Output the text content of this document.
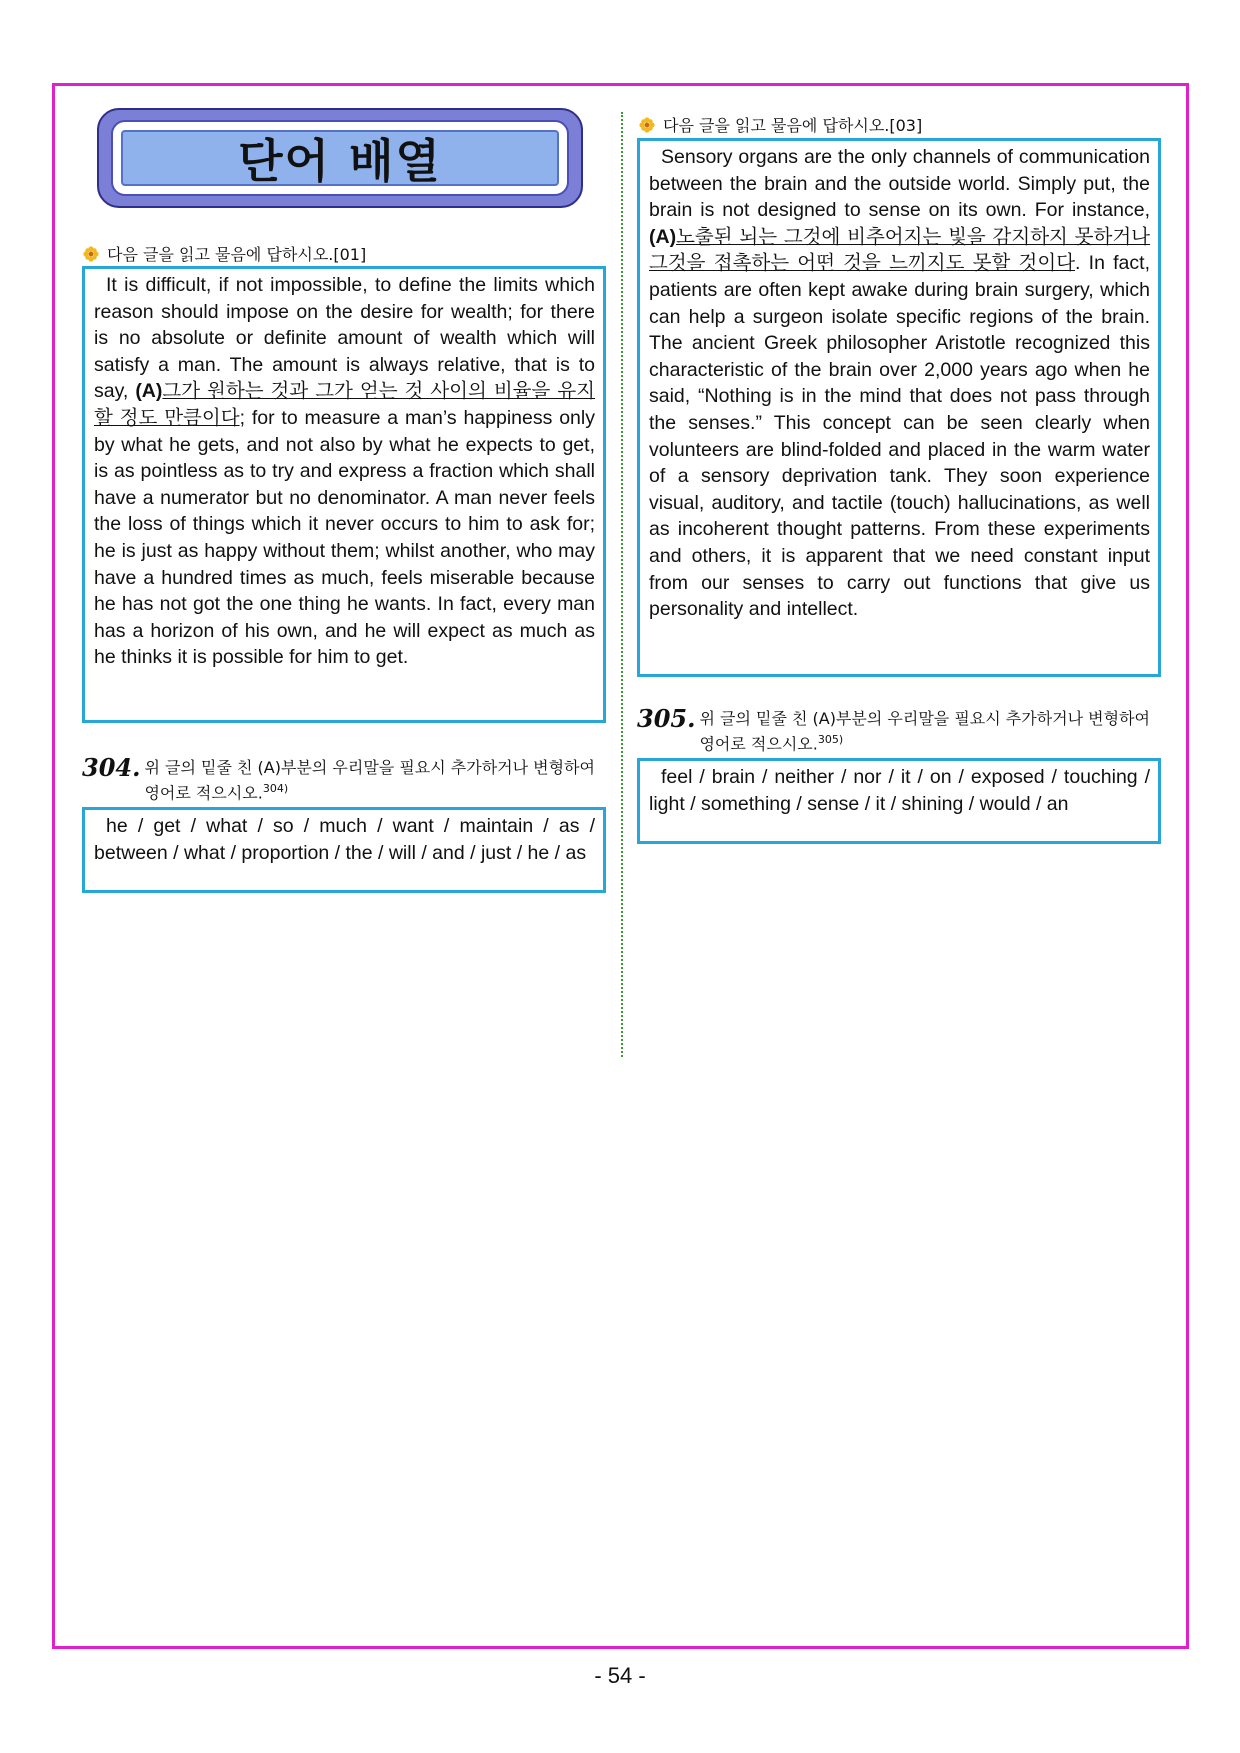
단어 배열
다음 글을 읽고 물음에 답하시오.[01]

It is difficult, if not impossible, to define the limits which reason should impose on the desire for wealth; for there is no absolute or definite amount of wealth which will satisfy a man. The amount is always relative, that is to say, (A)그가 원하는 것과 그가 얻는 것 사이의 비율을 유지할 정도 만큼이다; for to measure a man’s happiness only by what he gets, and not also by what he expects to get, is as pointless as to try and express a fraction which shall have a numerator but no denominator. A man never feels the loss of things which it never occurs to him to ask for; he is just as happy without them; whilst another, who may have a hundred times as much, feels miserable because he has not got the one thing he wants. In fact, every man has a horizon of his own, and he will expect as much as he thinks it is possible for him to get.

304. 위 글의 밑줄 친 (A)부분의 우리말을 필요시 추가하거나 변형하여 영어로 적으시오.$^{304)}$

he / get / what / so / much / want / maintain / as / between / what / proportion / the / will / and / just / he / as

다음 글을 읽고 물음에 답하시오.[03]

Sensory organs are the only channels of communication between the brain and the outside world. Simply put, the brain is not designed to sense on its own. For instance, (A)노출된 뇌는 그것에 비추어지는 빛을 감지하지 못하거나 그것을 접촉하는 어떤 것을 느끼지도 못할 것이다. In fact, patients are often kept awake during brain surgery, which can help a surgeon isolate specific regions of the brain. The ancient Greek philosopher Aristotle recognized this characteristic of the brain over 2,000 years ago when he said, “Nothing is in the mind that does not pass through the senses.” This concept can be seen clearly when volunteers are blind-folded and placed in the warm water of a sensory deprivation tank. They soon experience visual, auditory, and tactile (touch) hallucinations, as well as incoherent thought patterns. From these experiments and others, it is apparent that we need constant input from our senses to carry out functions that give us personality and intellect.

305. 위 글의 밑줄 친 (A)부분의 우리말을 필요시 추가하거나 변형하여 영어로 적으시오.$^{305)}$

feel / brain / neither / nor / it / on / exposed / touching / light / something / sense / it / shining / would / an

- 54 -
